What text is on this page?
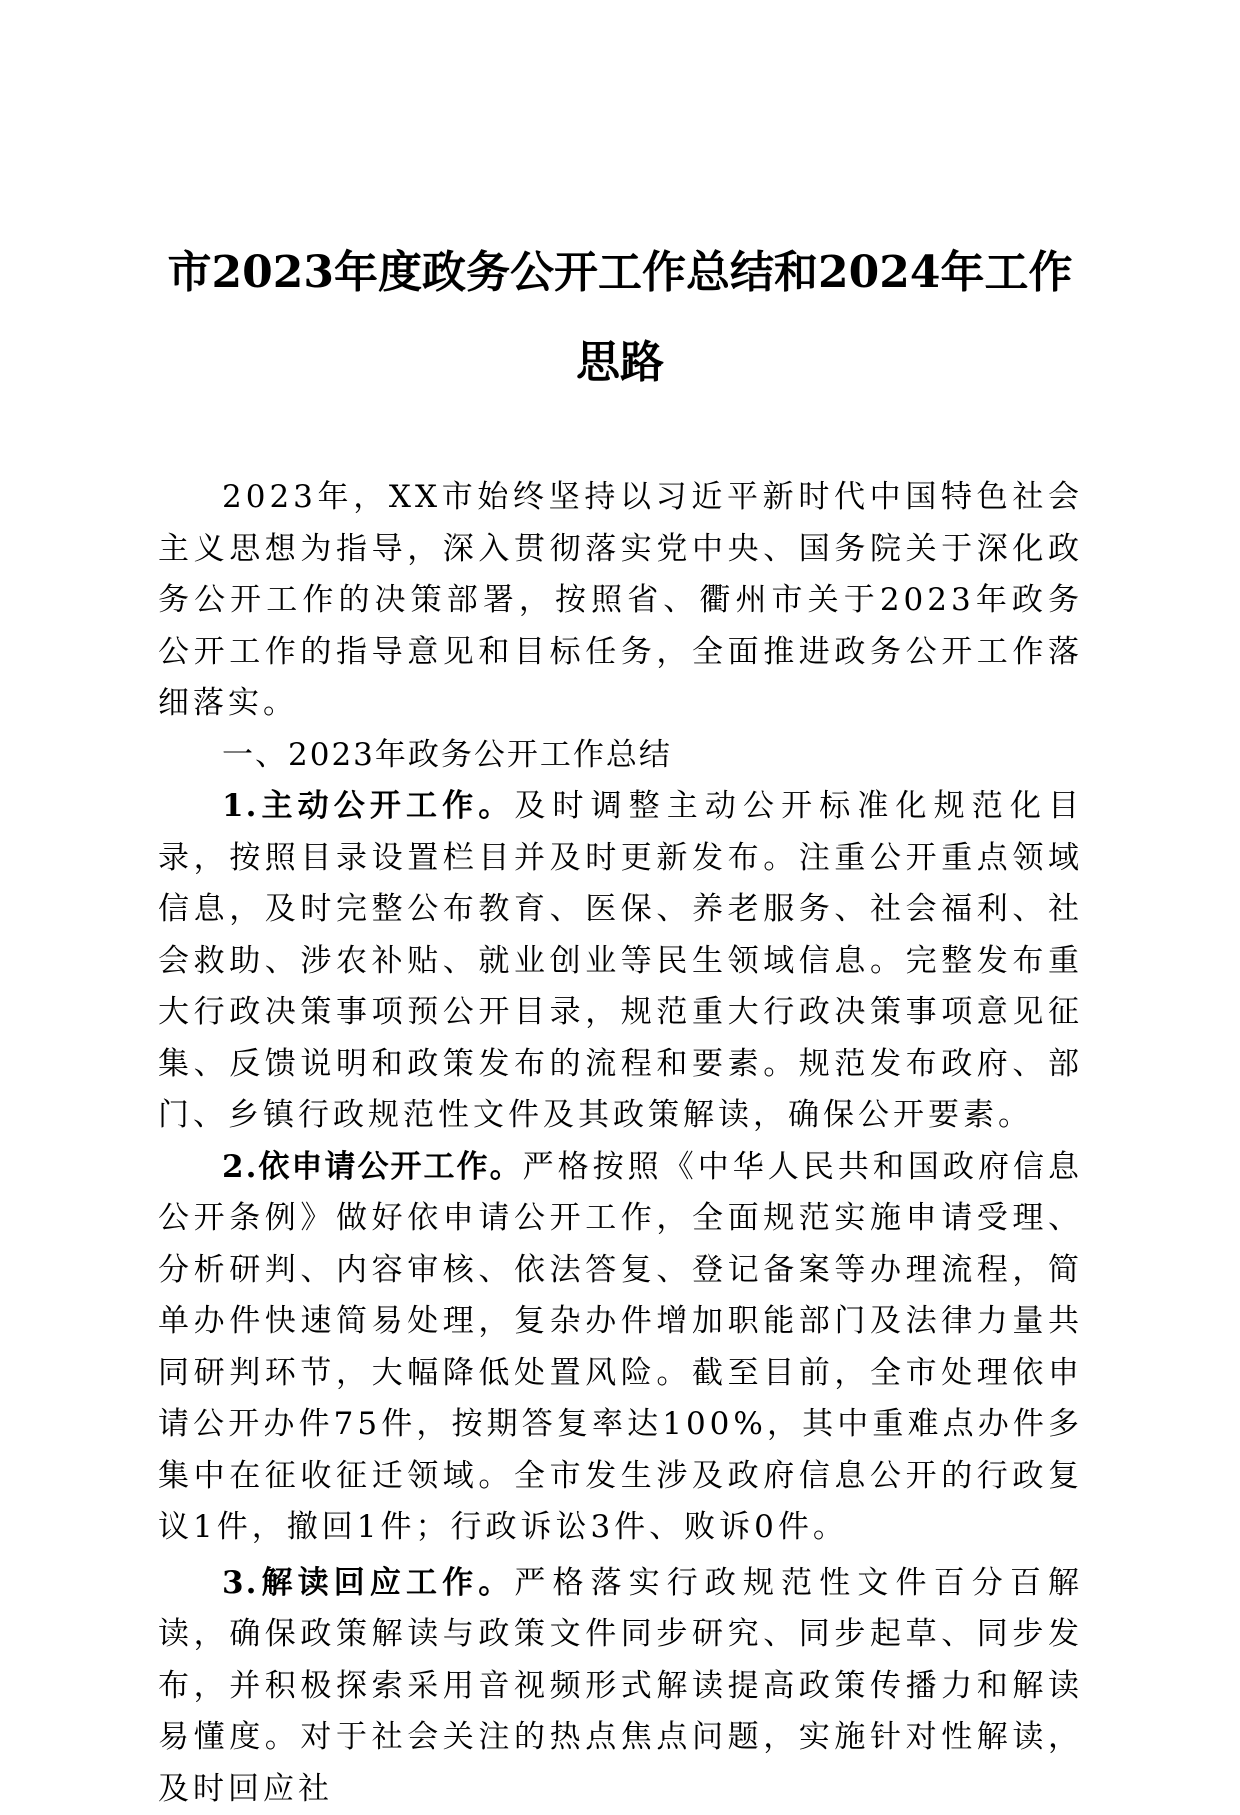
市2023年度政务公开工作总结和2024年工作
思路

2023年，XX市始终坚持以习近平新时代中国特色社会主义思想为指导，深入贯彻落实党中央、国务院关于深化政务公开工作的决策部署，按照省、衢州市关于2023年政务公开工作的指导意见和目标任务，全面推进政务公开工作落细落实。

一、2023年政务公开工作总结

1.主动公开工作。及时调整主动公开标准化规范化目录，按照目录设置栏目并及时更新发布。注重公开重点领域信息，及时完整公布教育、医保、养老服务、社会福利、社会救助、涉农补贴、就业创业等民生领域信息。完整发布重大行政决策事项预公开目录，规范重大行政决策事项意见征集、反馈说明和政策发布的流程和要素。规范发布政府、部门、乡镇行政规范性文件及其政策解读，确保公开要素。

2.依申请公开工作。严格按照《中华人民共和国政府信息公开条例》做好依申请公开工作，全面规范实施申请受理、分析研判、内容审核、依法答复、登记备案等办理流程，简单办件快速简易处理，复杂办件增加职能部门及法律力量共同研判环节，大幅降低处置风险。截至目前，全市处理依申请公开办件75件，按期答复率达100%，其中重难点办件多集中在征收征迁领域。全市发生涉及政府信息公开的行政复议1件，撤回1件；行政诉讼3件、败诉0件。

3.解读回应工作。严格落实行政规范性文件百分百解读，确保政策解读与政策文件同步研究、同步起草、同步发布，并积极探索采用音视频形式解读提高政策传播力和解读易懂度。对于社会关注的热点焦点问题，实施针对性解读，及时回应社
